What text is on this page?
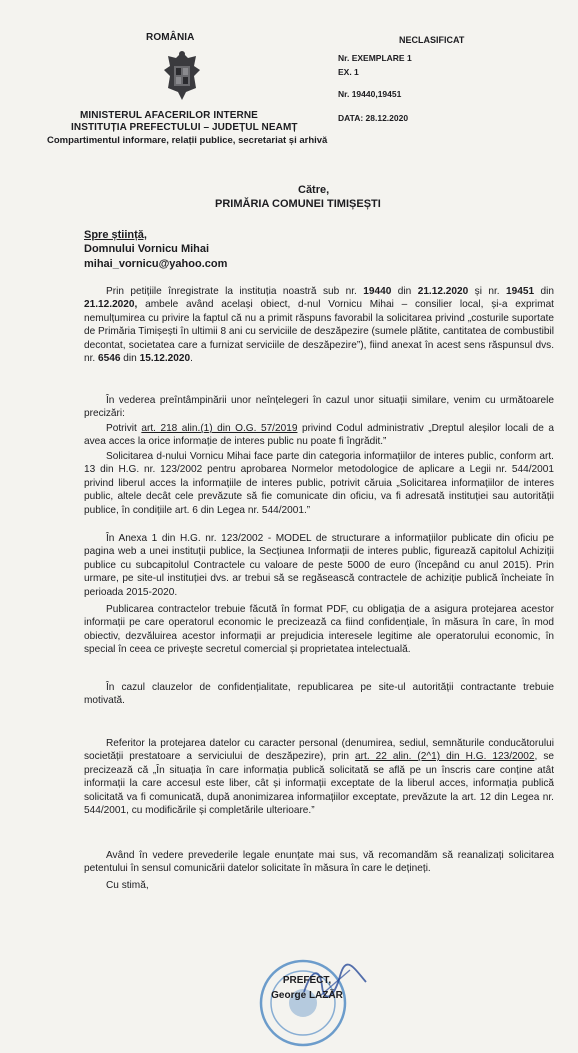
ROMÂNIA
MINISTERUL AFACERILOR INTERNE
INSTITUȚIA PREFECTULUI – JUDEȚUL NEAMȚ
Compartimentul informare, relații publice, secretariat și arhivă
NECLASIFICAT
Nr. EXEMPLARE 1
EX. 1
Nr. 19440,19451
DATA: 28.12.2020
Către,
PRIMĂRIA COMUNEI TIMIȘEȘTI
Spre știință,
Domnului Vornicu Mihai
mihai_vornicu@yahoo.com

Prin petițiile înregistrate la instituția noastră sub nr. 19440 din 21.12.2020 și nr. 19451 din 21.12.2020, ambele având același obiect, d-nul Vornicu Mihai – consilier local, și-a exprimat nemulțumirea cu privire la faptul că nu a primit răspuns favorabil la solicitarea privind „costurile suportate de Primăria Timișești în ultimii 8 ani cu serviciile de deszăpezire (sumele plătite, cantitatea de combustibil decontat, societatea care a furnizat serviciile de deszăpezire”), fiind anexat în acest sens răspunsul dvs. nr. 6546 din 15.12.2020.

În vederea preîntâmpinării unor neînțelegeri în cazul unor situații similare, venim cu următoarele precizări:

Potrivit art. 218 alin.(1) din O.G. 57/2019 privind Codul administrativ „Dreptul aleșilor locali de a avea acces la orice informație de interes public nu poate fi îngrădit.”

Solicitarea d-nului Vornicu Mihai face parte din categoria informațiilor de interes public, conform art. 13 din H.G. nr. 123/2002 pentru aprobarea Normelor metodologice de aplicare a Legii nr. 544/2001 privind liberul acces la informațiile de interes public, potrivit căruia „Solicitarea informațiilor de interes public, altele decât cele prevăzute să fie comunicate din oficiu, va fi adresată instituției sau autorității publice, în condițiile art. 6 din Legea nr. 544/2001.”

În Anexa 1 din H.G. nr. 123/2002 - MODEL de structurare a informațiilor publicate din oficiu pe pagina web a unei instituții publice, la Secțiunea Informații de interes public, figurează capitolul Achiziții publice cu subcapitolul Contractele cu valoare de peste 5000 de euro (începând cu anul 2015). Prin urmare, pe site-ul instituției dvs. ar trebui să se regăsească contractele de achiziție publică încheiate în perioada 2015-2020.

Publicarea contractelor trebuie făcută în format PDF, cu obligația de a asigura protejarea acestor informații pe care operatorul economic le precizează ca fiind confidențiale, în măsura în care, în mod obiectiv, dezvăluirea acestor informații ar prejudicia interesele legitime ale operatorului economic, în special în ceea ce privește secretul comercial și proprietatea intelectuală.

În cazul clauzelor de confidențialitate, republicarea pe site-ul autorității contractante trebuie motivată.

Referitor la protejarea datelor cu caracter personal (denumirea, sediul, semnăturile conducătorului societății prestatoare a serviciului de deszăpezire), prin art. 22 alin. (2^1) din H.G. 123/2002, se precizează că „În situația în care informația publică solicitată se află pe un înscris care conține atât informații la care accesul este liber, cât și informații exceptate de la liberul acces, informația publică solicitată va fi comunicată, după anonimizarea informațiilor exceptate, prevăzute la art. 12 din Legea nr. 544/2001, cu modificările și completările ulterioare.”

Având în vedere prevederile legale enunțate mai sus, vă recomandăm să reanalizați solicitarea petentului în sensul comunicării datelor solicitate în măsura în care le dețineți.

Cu stimă,
PREFECT,
George LAZĂR
